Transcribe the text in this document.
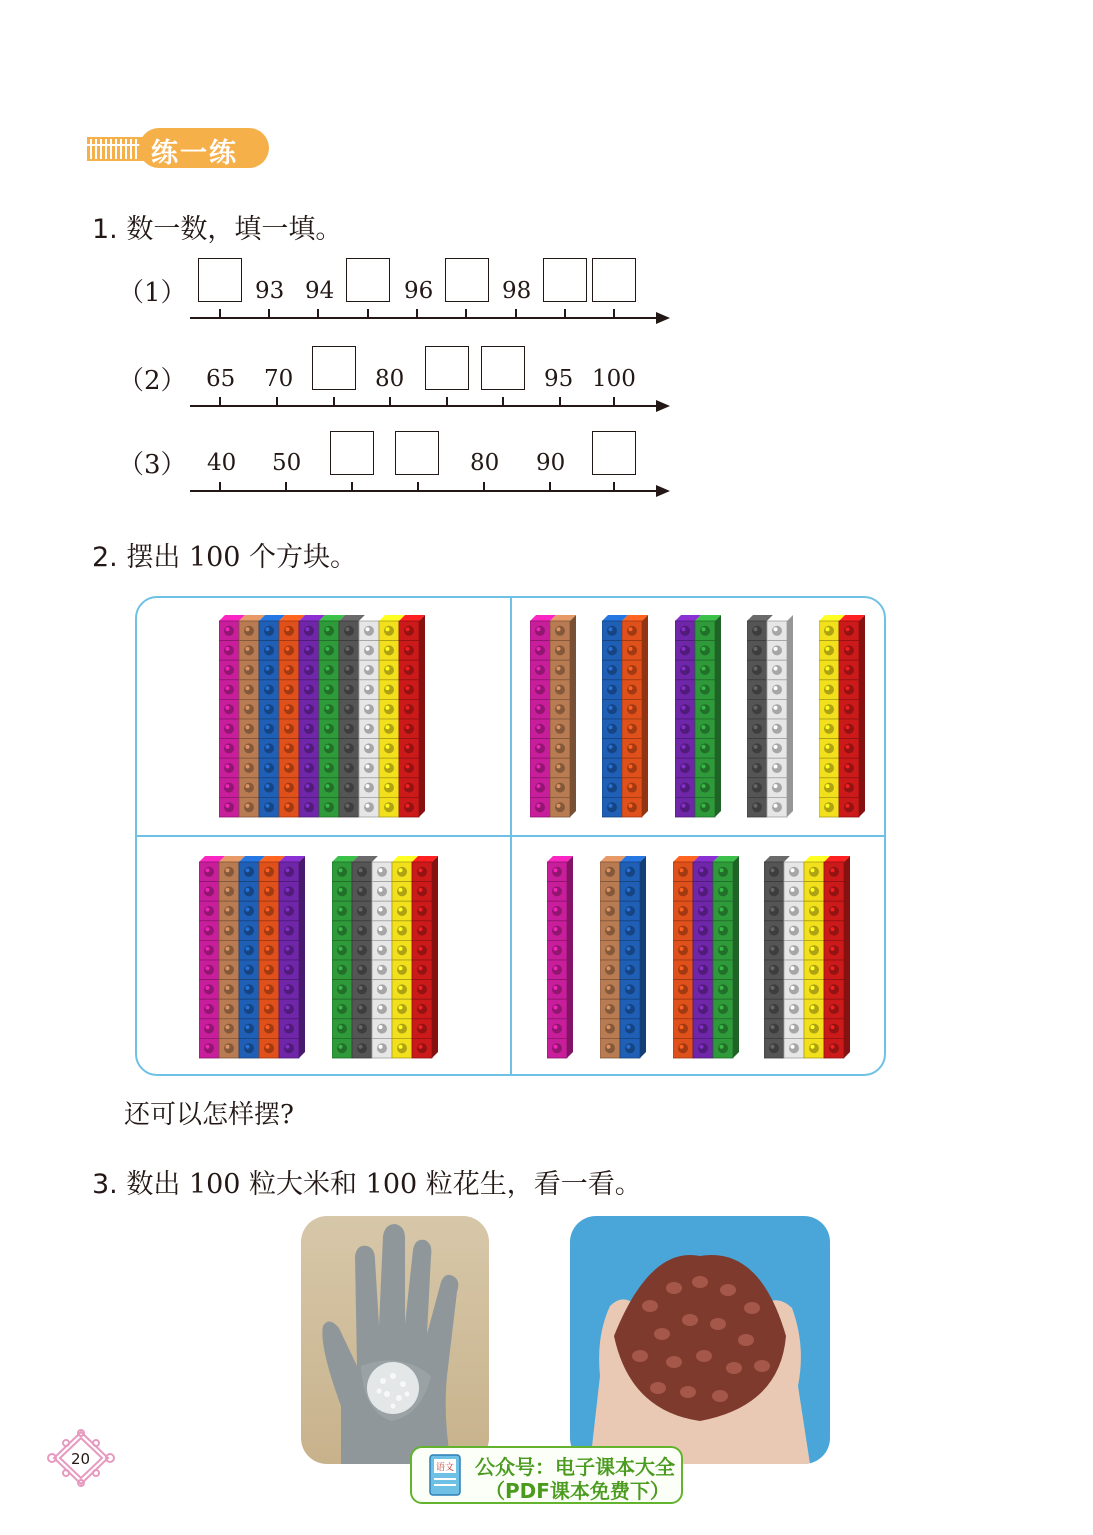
练一练
1. 数一数，填一填。
（1）	93 94	96	98
（2） 65 70	80	95 100
（3） 40 50	80 90
2. 摆出 100 个方块。
还可以怎样摆?
3. 数出 100 粒大米和 100 粒花生，看一看。
20	语文 公众号：电子课本大全
（PDF课本免费下）
